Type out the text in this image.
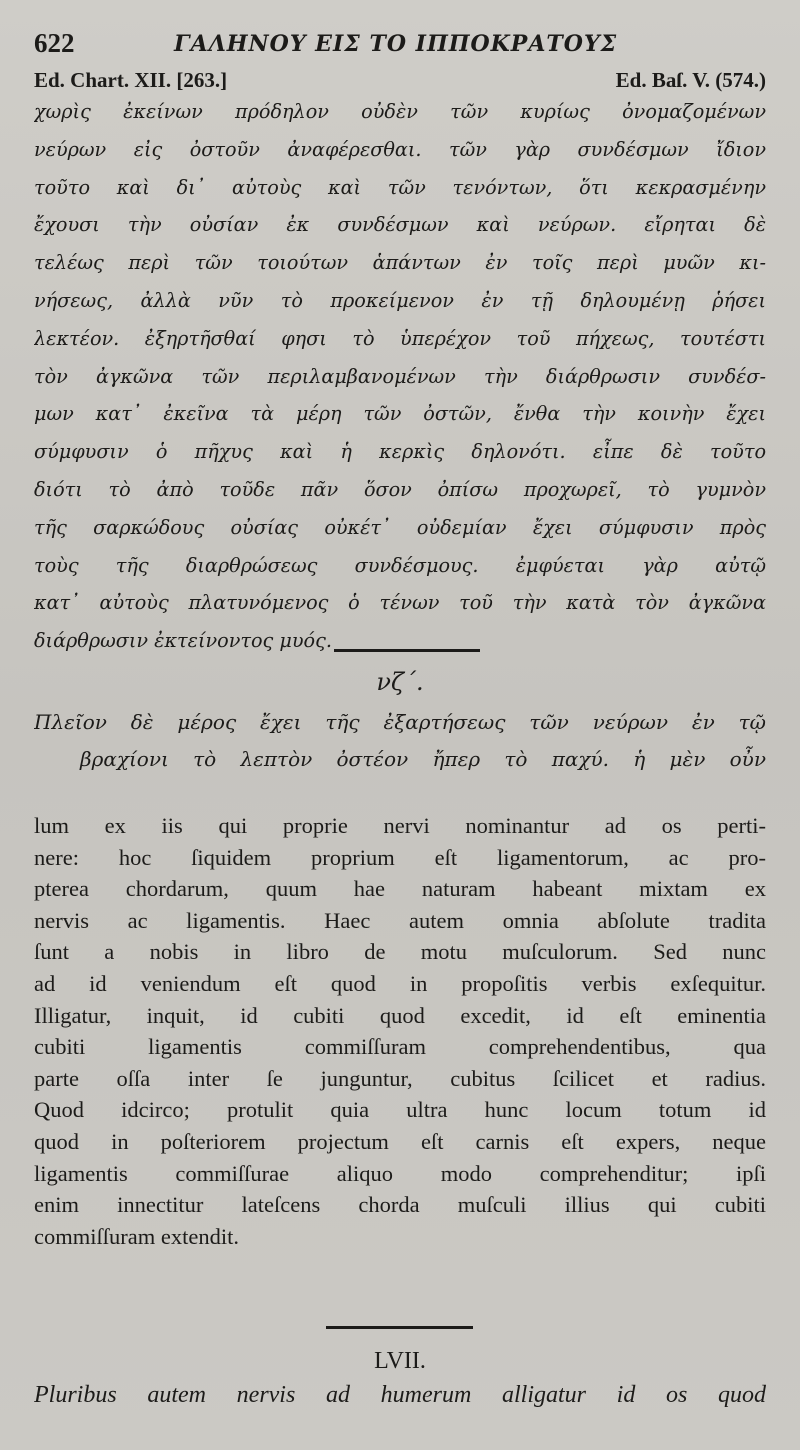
622	ΓΑΛΗΝΟΥ ΕΙΣ ΤΟ ΙΠΠΟΚΡΑΤΟΥΣ
Ed. Chart. XII. [263.]	Ed. Baſ. V. (574.)
χωρὶς ἐκείνων πρόδηλον οὐδὲν τῶν κυρίως ὀνομαζομένων
νεύρων εἰς ὀστοῦν ἀναφέρεσθαι. τῶν γὰρ συνδέσμων ἴδιον
τοῦτο καὶ δι᾽ αὐτοὺς καὶ τῶν τενόντων, ὅτι κεκρασμένην
ἔχουσι τὴν οὐσίαν ἐκ συνδέσμων καὶ νεύρων. εἴρηται δὲ
τελέως περὶ τῶν τοιούτων ἁπάντων ἐν τοῖς περὶ μυῶν κι-
νήσεως, ἀλλὰ νῦν τὸ προκείμενον ἐν τῇ δηλουμένῃ ῥήσει
λεκτέον. ἐξηρτῆσθαί φησι τὸ ὑπερέχον τοῦ πήχεως, τουτέστι
τὸν ἀγκῶνα τῶν περιλαμβανομένων τὴν διάρθρωσιν συνδέσ-
μων κατ᾽ ἐκεῖνα τὰ μέρη τῶν ὀστῶν, ἔνθα τὴν κοινὴν ἔχει
σύμφυσιν ὁ πῆχυς καὶ ἡ κερκὶς δηλονότι. εἶπε δὲ τοῦτο
διότι τὸ ἀπὸ τοῦδε πᾶν ὅσον ὀπίσω προχωρεῖ, τὸ γυμνὸν
τῆς σαρκώδους οὐσίας οὐκέτ᾽ οὐδεμίαν ἔχει σύμφυσιν πρὸς
τοὺς τῆς διαρθρώσεως συνδέσμους. ἐμφύεται γὰρ αὐτῷ
κατ᾽ αὐτοὺς πλατυνόμενος ὁ τένων τοῦ τὴν κατὰ τὸν ἀγκῶνα
διάρθρωσιν ἐκτείνοντος μυός.
νζ΄.
Πλεῖον δὲ μέρος ἔχει τῆς ἐξαρτήσεως τῶν νεύρων ἐν τῷ
βραχίονι τὸ λεπτὸν ὀστέον ἤπερ τὸ παχύ. ἡ μὲν οὖν
lum ex iis qui proprie nervi nominantur ad os perti-
nere: hoc ſiquidem proprium eſt ligamentorum, ac pro-
pterea chordarum, quum hae naturam habeant mixtam ex
nervis ac ligamentis. Haec autem omnia abſolute tradita
ſunt a nobis in libro de motu muſculorum. Sed nunc
ad id veniendum eſt quod in propoſitis verbis exſequitur.
Illigatur, inquit, id cubiti quod excedit, id eſt eminentia
cubiti ligamentis commiſſuram comprehendentibus, qua
parte oſſa inter ſe junguntur, cubitus ſcilicet et radius.
Quod idcirco; protulit quia ultra hunc locum totum id
quod in poſteriorem projectum eſt carnis eſt expers, neque
ligamentis commiſſurae aliquo modo comprehenditur; ipſi
enim innectitur lateſcens chorda muſculi illius qui cubiti
commiſſuram extendit.
LVII.
Pluribus autem nervis ad humerum alligatur id os quod
